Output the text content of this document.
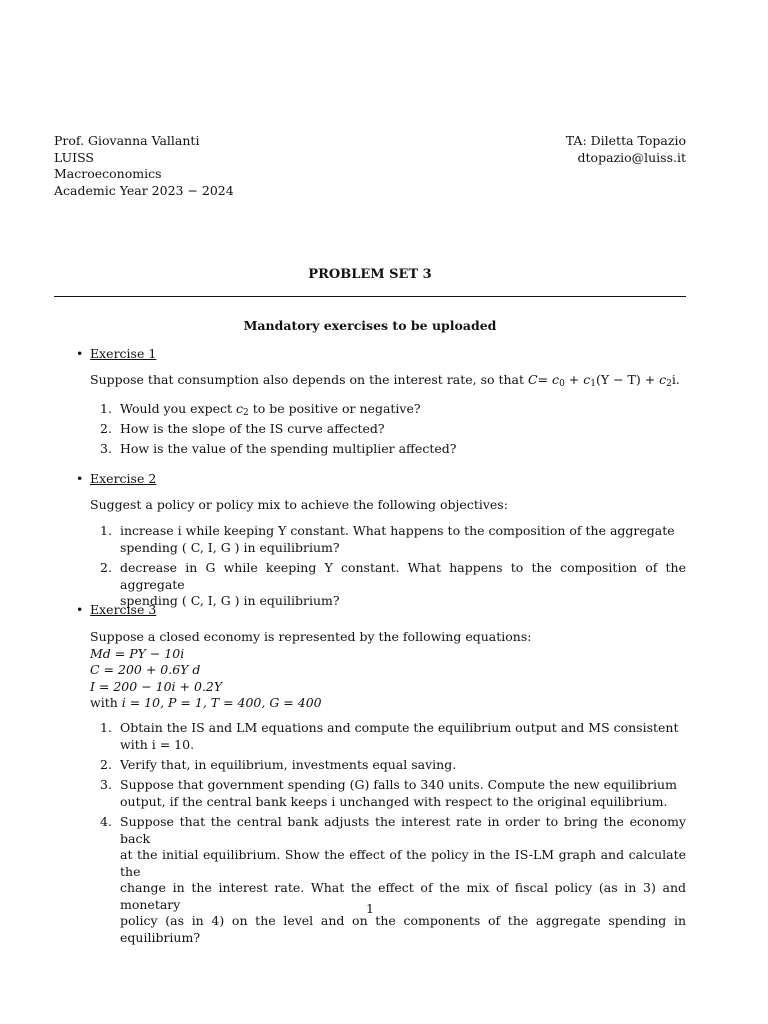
Prof. Giovanna Vallanti
LUISS
Macroeconomics
Academic Year 2023 − 2024
TA: Diletta Topazio
dtopazio@luiss.it
PROBLEM SET 3
Mandatory exercises to be uploaded
• Exercise 1
Suppose that consumption also depends on the interest rate, so that $C= c_0 + c_1(Y - T) + c_2i$.
1. Would you expect $c_2$ to be positive or negative?
2. How is the slope of the IS curve affected?
3. How is the value of the spending multiplier affected?
• Exercise 2
Suggest a policy or policy mix to achieve the following objectives:
1. increase i while keeping Y constant. What happens to the composition of the aggregate
spending ( C, I, G ) in equilibrium?
2. decrease in G while keeping Y constant. What happens to the composition of the aggregate
spending ( C, I, G ) in equilibrium?
• Exercise 3
Suppose a closed economy is represented by the following equations:
Md = PY − 10i
C = 200 + 0.6Y d
I = 200 − 10i + 0.2Y
with i = 10, P = 1, T = 400, G = 400
1. Obtain the IS and LM equations and compute the equilibrium output and MS consistent
with i = 10.
2. Verify that, in equilibrium, investments equal saving.
3. Suppose that government spending (G) falls to 340 units. Compute the new equilibrium
output, if the central bank keeps i unchanged with respect to the original equilibrium.
4. Suppose that the central bank adjusts the interest rate in order to bring the economy back
at the initial equilibrium. Show the effect of the policy in the IS-LM graph and calculate the
change in the interest rate. What the effect of the mix of fiscal policy (as in 3) and monetary
policy (as in 4) on the level and on the components of the aggregate spending in equilibrium?
1
